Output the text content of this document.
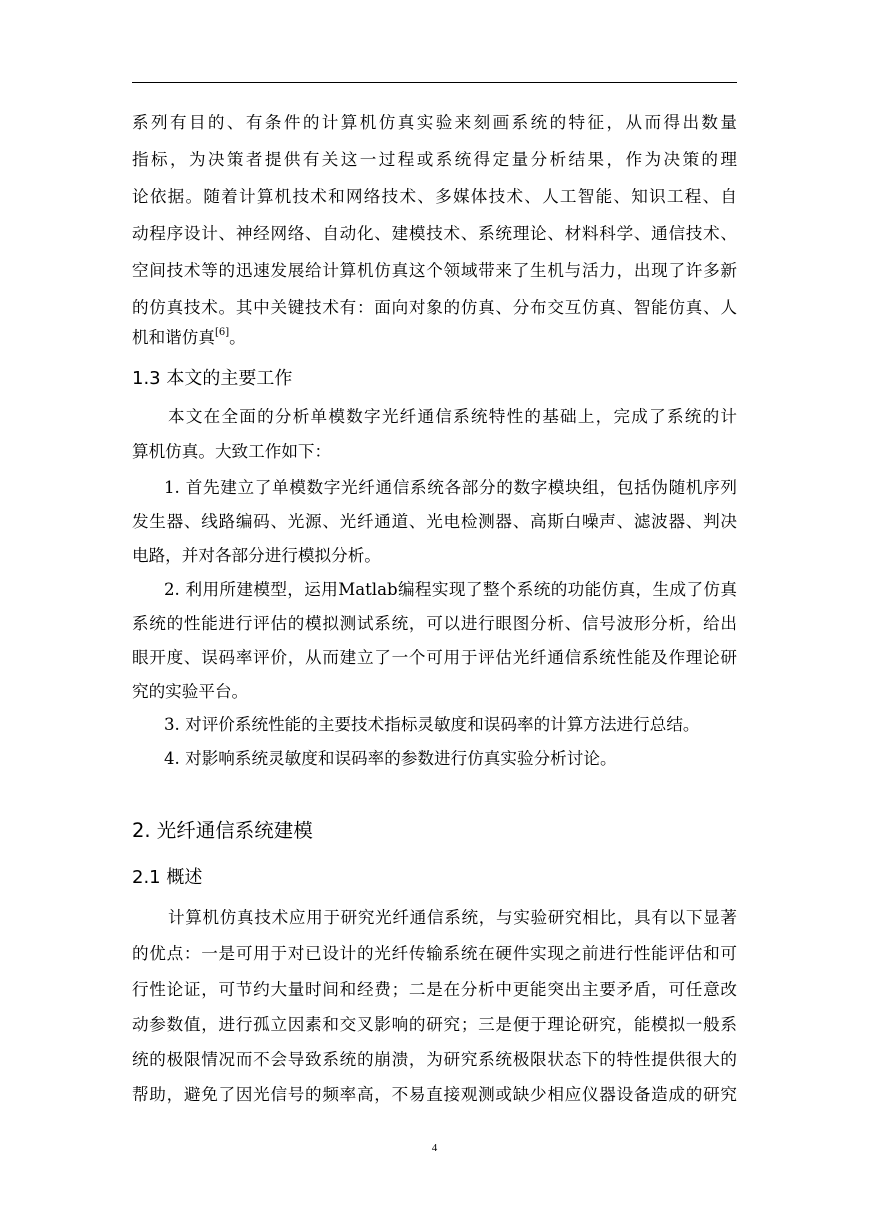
系列有目的、有条件的计算机仿真实验来刻画系统的特征，从而得出数量
指标，为决策者提供有关这一过程或系统得定量分析结果，作为决策的理
论依据。随着计算机技术和网络技术、多媒体技术、人工智能、知识工程、自
动程序设计、神经网络、自动化、建模技术、系统理论、材料科学、通信技术、
空间技术等的迅速发展给计算机仿真这个领域带来了生机与活力，出现了许多新
的仿真技术。其中关键技术有：面向对象的仿真、分布交互仿真、智能仿真、人
机和谐仿真[6]。
1.3 本文的主要工作
本文在全面的分析单模数字光纤通信系统特性的基础上，完成了系统的计
算机仿真。大致工作如下：
1. 首先建立了单模数字光纤通信系统各部分的数字模块组，包括伪随机序列
发生器、线路编码、光源、光纤通道、光电检测器、高斯白噪声、滤波器、判决
电路，并对各部分进行模拟分析。
2. 利用所建模型，运用Matlab编程实现了整个系统的功能仿真，生成了仿真
系统的性能进行评估的模拟测试系统，可以进行眼图分析、信号波形分析，给出
眼开度、误码率评价，从而建立了一个可用于评估光纤通信系统性能及作理论研
究的实验平台。
3. 对评价系统性能的主要技术指标灵敏度和误码率的计算方法进行总结。
4. 对影响系统灵敏度和误码率的参数进行仿真实验分析讨论。
2. 光纤通信系统建模
2.1 概述
计算机仿真技术应用于研究光纤通信系统，与实验研究相比，具有以下显著
的优点：一是可用于对已设计的光纤传输系统在硬件实现之前进行性能评估和可
行性论证，可节约大量时间和经费；二是在分析中更能突出主要矛盾，可任意改
动参数值，进行孤立因素和交叉影响的研究；三是便于理论研究，能模拟一般系
统的极限情况而不会导致系统的崩溃，为研究系统极限状态下的特性提供很大的
帮助，避免了因光信号的频率高，不易直接观测或缺少相应仪器设备造成的研究
4
